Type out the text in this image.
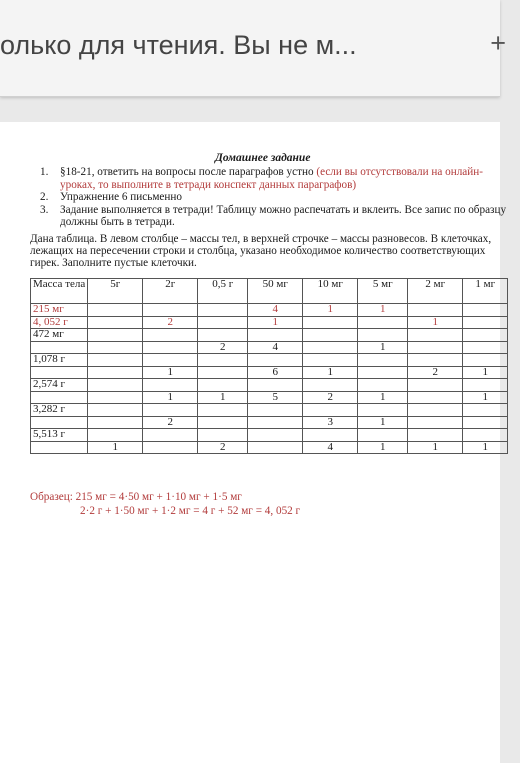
олько для чтения. Вы не м...	+
Домашнее задание
1. §18-21, ответить на вопросы после параграфов устно (если вы отсутствовали на онлайн-уроках, то выполните в тетради конспект данных параграфов)
2. Упражнение 6 письменно
3. Задание выполняется в тетради! Таблицу можно распечатать и вклеить. Все запис по образцу должны быть в тетради.
Дана таблица. В левом столбце – массы тел, в верхней строчке – массы разновесов. В клеточках, лежащих на пересечении строки и столбца, указано необходимое количество соответствующих гирек. Заполните пустые клеточки.
Масса тела	5г	2г	0,5 г	50 мг	10 мг	5 мг	2 мг	1 мг
215 мг				4	1	1		
4, 052 г		2		1			1	
472 мг								
			2	4		1		
1,078 г								
		1		6	1		2	1
2,574 г								
		1	1	5	2	1		1
3,282 г								
		2			3	1		
5,513 г								
	1		2		4	1	1	1
Образец: 215 мг = 4·50 мг + 1·10 мг + 1·5 мг
2·2 г + 1·50 мг + 1·2 мг = 4 г + 52 мг = 4, 052 г
